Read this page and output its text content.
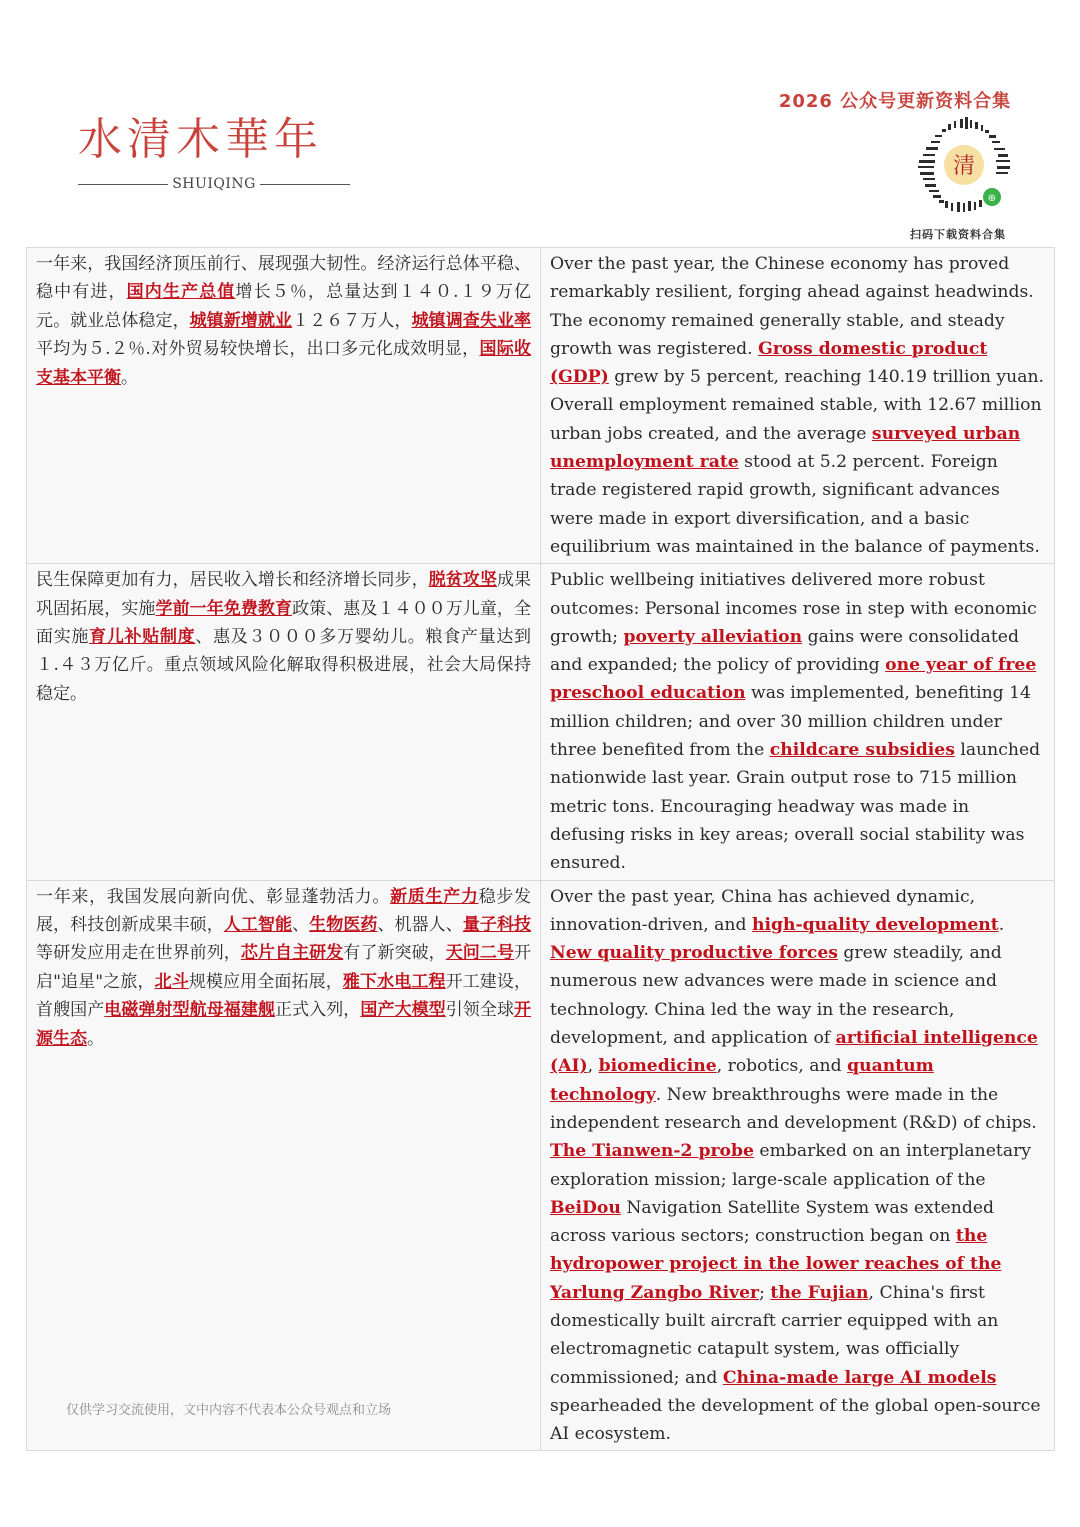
水清木華年
SHUIQING
2026 公众号更新资料合集
清
⊕
扫码下载资料合集
一年来，我国经济顶压前行、展现强大韧性。经济运行总体平稳、稳中有进，国内生产总值增长５％，总量达到１４０.１９万亿元。就业总体稳定，城镇新增就业１２６７万人，城镇调查失业率平均为５.２％.对外贸易较快增长，出口多元化成效明显，国际收支基本平衡。	Over the past year, the Chinese economy has proved remarkably resilient, forging ahead against headwinds. The economy remained generally stable, and steady growth was registered. Gross domestic product (GDP) grew by 5 percent, reaching 140.19 trillion yuan. Overall employment remained stable, with 12.67 million urban jobs created, and the average surveyed urban unemployment rate stood at 5.2 percent. Foreign trade registered rapid growth, significant advances were made in export diversification, and a basic equilibrium was maintained in the balance of payments.
民生保障更加有力，居民收入增长和经济增长同步，脱贫攻坚成果巩固拓展，实施学前一年免费教育政策、惠及１４００万儿童，全面实施育儿补贴制度、惠及３０００多万婴幼儿。粮食产量达到１.４３万亿斤。重点领域风险化解取得积极进展，社会大局保持稳定。	Public wellbeing initiatives delivered more robust outcomes: Personal incomes rose in step with economic growth; poverty alleviation gains were consolidated and expanded; the policy of providing one year of free preschool education was implemented, benefiting 14 million children; and over 30 million children under three benefited from the childcare subsidies launched nationwide last year. Grain output rose to 715 million metric tons. Encouraging headway was made in defusing risks in key areas; overall social stability was ensured.
一年来，我国发展向新向优、彰显蓬勃活力。新质生产力稳步发展，科技创新成果丰硕，人工智能、生物医药、机器人、量子科技等研发应用走在世界前列，芯片自主研发有了新突破，天问二号开启"追星"之旅，北斗规模应用全面拓展，雅下水电工程开工建设，首艘国产电磁弹射型航母福建舰正式入列，国产大模型引领全球开源生态。	Over the past year, China has achieved dynamic, innovation-driven, and high-quality development. New quality productive forces grew steadily, and numerous new advances were made in science and technology. China led the way in the research, development, and application of artificial intelligence (AI), biomedicine, robotics, and quantum technology. New breakthroughs were made in the independent research and development (R&D) of chips. The Tianwen-2 probe embarked on an interplanetary exploration mission; large-scale application of the BeiDou Navigation Satellite System was extended across various sectors; construction began on the hydropower project in the lower reaches of the Yarlung Zangbo River; the Fujian, China's first domestically built aircraft carrier equipped with an electromagnetic catapult system, was officially commissioned; and China-made large AI models spearheaded the development of the global open-source AI ecosystem.
仅供学习交流使用，文中内容不代表本公众号观点和立场
